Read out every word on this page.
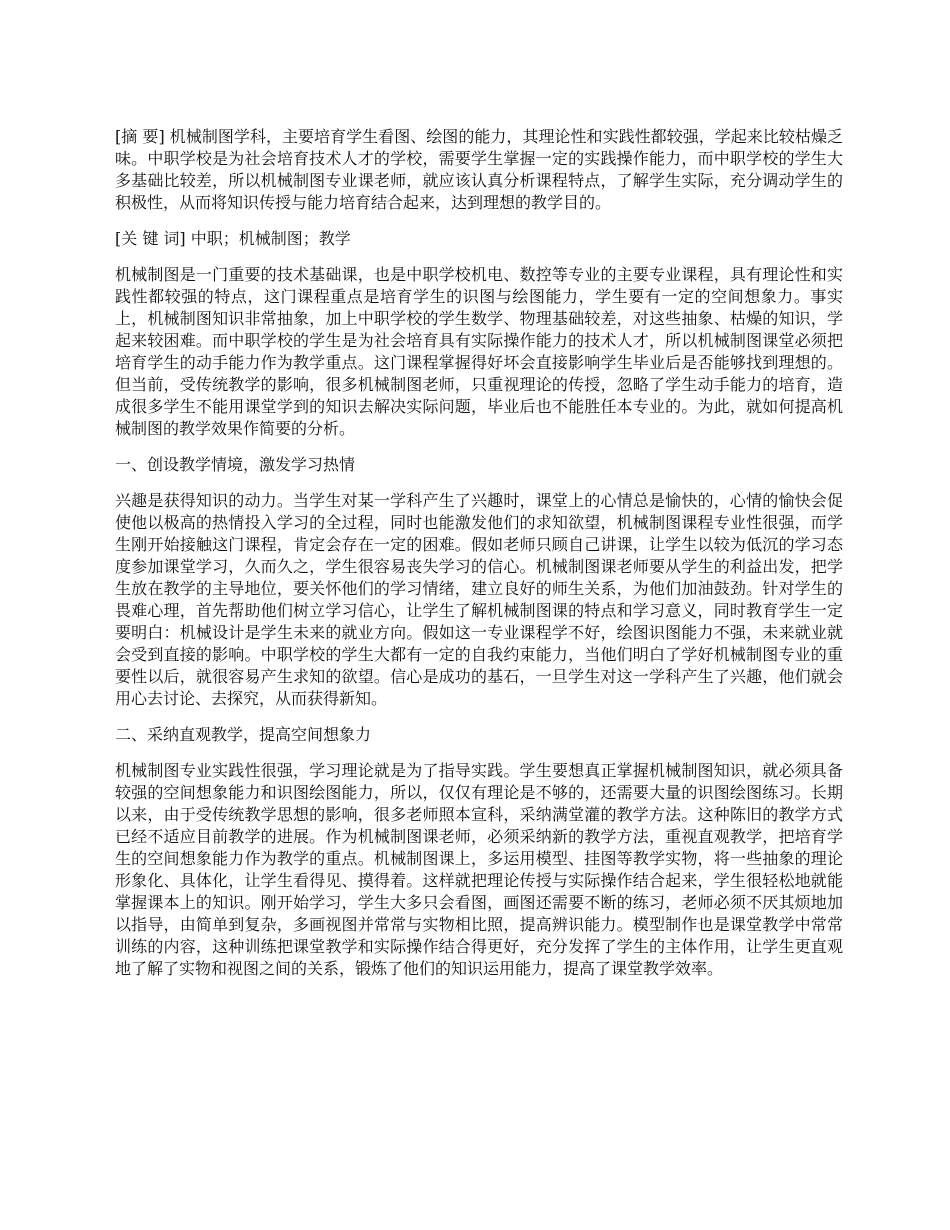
[摘 要] 机械制图学科，主要培育学生看图、绘图的能力，其理论性和实践性都较强，学起来比较枯燥乏味。中职学校是为社会培育技术人才的学校，需要学生掌握一定的实践操作能力，而中职学校的学生大多基础比较差，所以机械制图专业课老师，就应该认真分析课程特点，了解学生实际，充分调动学生的积极性，从而将知识传授与能力培育结合起来，达到理想的教学目的。

[关 键 词] 中职；机械制图；教学

机械制图是一门重要的技术基础课，也是中职学校机电、数控等专业的主要专业课程，具有理论性和实践性都较强的特点，这门课程重点是培育学生的识图与绘图能力，学生要有一定的空间想象力。事实上，机械制图知识非常抽象，加上中职学校的学生数学、物理基础较差，对这些抽象、枯燥的知识，学起来较困难。而中职学校的学生是为社会培育具有实际操作能力的技术人才，所以机械制图课堂必须把培育学生的动手能力作为教学重点。这门课程掌握得好坏会直接影响学生毕业后是否能够找到理想的。但当前，受传统教学的影响，很多机械制图老师，只重视理论的传授，忽略了学生动手能力的培育，造成很多学生不能用课堂学到的知识去解决实际问题，毕业后也不能胜任本专业的。为此，就如何提高机械制图的教学效果作简要的分析。

一、创设教学情境，激发学习热情

兴趣是获得知识的动力。当学生对某一学科产生了兴趣时，课堂上的心情总是愉快的，心情的愉快会促使他以极高的热情投入学习的全过程，同时也能激发他们的求知欲望，机械制图课程专业性很强，而学生刚开始接触这门课程，肯定会存在一定的困难。假如老师只顾自己讲课，让学生以较为低沉的学习态度参加课堂学习，久而久之，学生很容易丧失学习的信心。机械制图课老师要从学生的利益出发，把学生放在教学的主导地位，要关怀他们的学习情绪，建立良好的师生关系，为他们加油鼓劲。针对学生的畏难心理，首先帮助他们树立学习信心，让学生了解机械制图课的特点和学习意义，同时教育学生一定要明白：机械设计是学生未来的就业方向。假如这一专业课程学不好，绘图识图能力不强，未来就业就会受到直接的影响。中职学校的学生大都有一定的自我约束能力，当他们明白了学好机械制图专业的重要性以后，就很容易产生求知的欲望。信心是成功的基石，一旦学生对这一学科产生了兴趣，他们就会用心去讨论、去探究，从而获得新知。

二、采纳直观教学，提高空间想象力

机械制图专业实践性很强，学习理论就是为了指导实践。学生要想真正掌握机械制图知识，就必须具备较强的空间想象能力和识图绘图能力，所以，仅仅有理论是不够的，还需要大量的识图绘图练习。长期以来，由于受传统教学思想的影响，很多老师照本宣科，采纳满堂灌的教学方法。这种陈旧的教学方式已经不适应目前教学的进展。作为机械制图课老师，必须采纳新的教学方法，重视直观教学，把培育学生的空间想象能力作为教学的重点。机械制图课上，多运用模型、挂图等教学实物，将一些抽象的理论形象化、具体化，让学生看得见、摸得着。这样就把理论传授与实际操作结合起来，学生很轻松地就能掌握课本上的知识。刚开始学习，学生大多只会看图，画图还需要不断的练习，老师必须不厌其烦地加以指导，由简单到复杂，多画视图并常常与实物相比照，提高辨识能力。模型制作也是课堂教学中常常训练的内容，这种训练把课堂教学和实际操作结合得更好，充分发挥了学生的主体作用，让学生更直观地了解了实物和视图之间的关系，锻炼了他们的知识运用能力，提高了课堂教学效率。
